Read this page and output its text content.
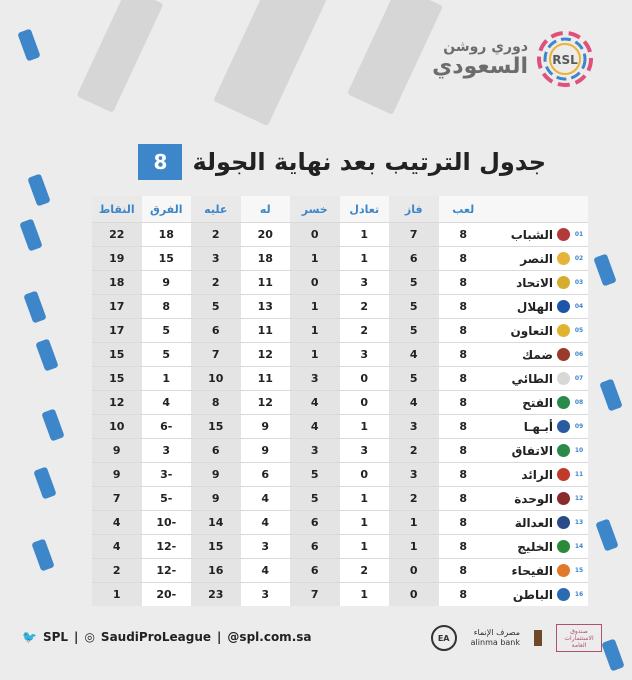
دوري روشن
السعودي RSL
8	جدول الترتيب بعد نهاية الجولة
لعب
فاز
تعادل
خسر
له
عليه
الفرق
النقاط
01
الشباب
8
7
1
0
20
2
18
22
02
النصر
8
6
1
1
18
3
15
19
03
الاتحاد
8
5
3
0
11
2
9
18
04
الهلال
8
5
2
1
13
5
8
17
05
التعاون
8
5
2
1
11
6
5
17
06
ضمك
8
4
3
1
12
7
5
15
07
الطائي
8
5
0
3
11
10
1
15
08
الفتح
8
4
0
4
12
8
4
12
09
أبـهـا
8
3
1
4
9
15
-6
10
10
الاتفاق
8
2
3
3
9
6
3
9
11
الرائد
8
3
0
5
6
9
-3
9
12
الوحدة
8
2
1
5
4
9
-5
7
13
العدالة
8
1
1
6
4
14
-10
4
14
الخليج
8
1
1
6
3
15
-12
4
15
الفيحاء
8
0
2
6
4
16
-12
2
16
الباطن
8
0
1
7
3
23
-20
1
🐦 SPL | ◎ SaudiProLeague | @spl.com.sa	EA
مصرف الإنماء
alinma bank
صندوق الاستثمارات العامة
